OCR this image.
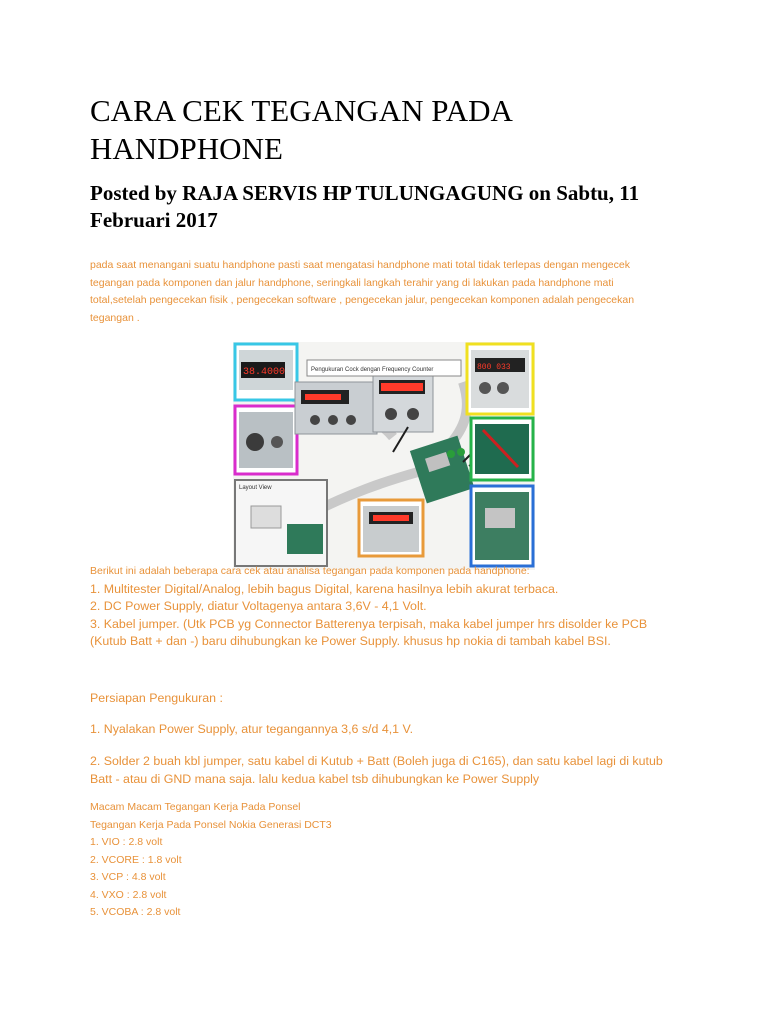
CARA CEK TEGANGAN PADA HANDPHONE
Posted by RAJA SERVIS HP TULUNGAGUNG on Sabtu, 11 Februari 2017
pada saat menangani suatu handphone pasti saat mengatasi handphone mati total tidak terlepas dengan mengecek
tegangan pada komponen dan jalur handphone, seringkali langkah terahir yang di lakukan pada handphone mati
total,setelah pengecekan fisik , pengecekan software , pengecekan jalur, pengecekan komponen adalah pengecekan
tegangan .
38.4000	Pengukuran Cock dengan Frequency Counter	800 033
Layout View
Berikut ini adalah beberapa cara cek atau analisa tegangan pada komponen pada handphone:
1. Multitester Digital/Analog, lebih bagus Digital, karena hasilnya lebih akurat terbaca.
2. DC Power Supply, diatur Voltagenya antara 3,6V - 4,1 Volt.
3. Kabel jumper. (Utk PCB yg Connector Batterenya terpisah, maka kabel jumper hrs disolder ke PCB
(Kutub Batt + dan -) baru dihubungkan ke Power Supply. khusus hp nokia di tambah kabel BSI.
Persiapan Pengukuran :
1. Nyalakan Power Supply, atur tegangannya 3,6 s/d 4,1 V.
2. Solder 2 buah kbl jumper, satu kabel di Kutub + Batt (Boleh juga di C165), dan satu kabel lagi di kutub
Batt - atau di GND mana saja. lalu kedua kabel tsb dihubungkan ke Power Supply
Macam Macam Tegangan Kerja Pada Ponsel
Tegangan Kerja Pada Ponsel Nokia Generasi DCT3
1. VIO : 2.8 volt
2. VCORE : 1.8 volt
3. VCP : 4.8 volt
4. VXO : 2.8 volt
5. VCOBA : 2.8 volt
